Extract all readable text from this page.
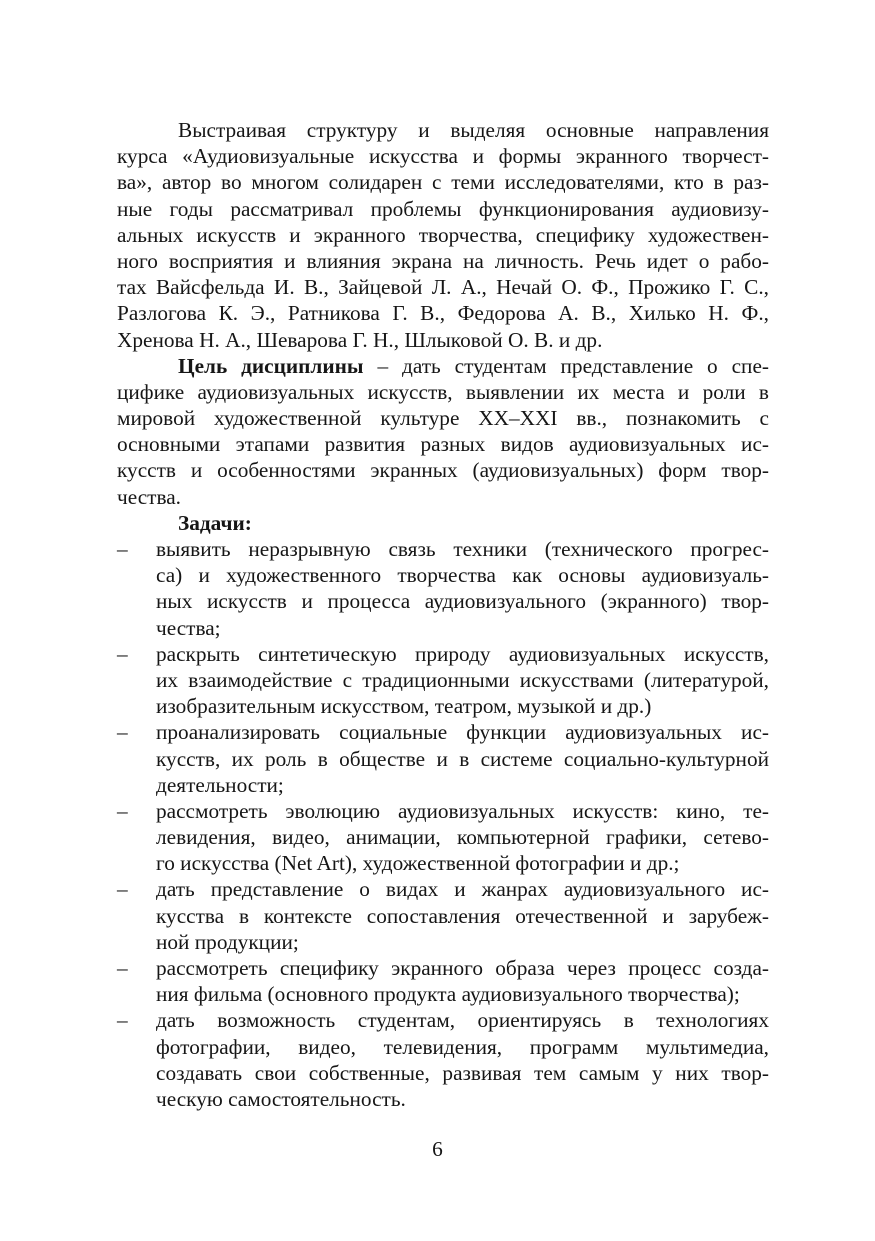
Выстраивая структуру и выделяя основные направления
курса «Аудиовизуальные искусства и формы экранного творчест-
ва», автор во многом солидарен с теми исследователями, кто в раз-
ные годы рассматривал проблемы функционирования аудиовизу-
альных искусств и экранного творчества, специфику художествен-
ного восприятия и влияния экрана на личность. Речь идет о рабо-
тах Вайсфельда И. В., Зайцевой Л. А., Нечай О. Ф., Прожико Г. С.,
Разлогова К. Э., Ратникова Г. В., Федорова А. В., Хилько Н. Ф.,
Хренова Н. А., Шеварова Г. Н., Шлыковой О. В. и др.
Цель дисциплины – дать студентам представление о спе-
цифике аудиовизуальных искусств, выявлении их места и роли в
мировой художественной культуре XX–XXI вв., познакомить с
основными этапами развития разных видов аудиовизуальных ис-
кусств и особенностями экранных (аудиовизуальных) форм твор-
чества.
Задачи:
–	выявить неразрывную связь техники (технического прогрес-
са) и художественного творчества как основы аудиовизуаль-
ных искусств и процесса аудиовизуального (экранного) твор-
чества;
–	раскрыть синтетическую природу аудиовизуальных искусств,
их взаимодействие с традиционными искусствами (литературой,
изобразительным искусством, театром, музыкой и др.)
–	проанализировать социальные функции аудиовизуальных ис-
кусств, их роль в обществе и в системе социально-культурной
деятельности;
–	рассмотреть эволюцию аудиовизуальных искусств: кино, те-
левидения, видео, анимации, компьютерной графики, сетево-
го искусства (Net Art), художественной фотографии и др.;
–	дать представление о видах и жанрах аудиовизуального ис-
кусства в контексте сопоставления отечественной и зарубеж-
ной продукции;
–	рассмотреть специфику экранного образа через процесс созда-
ния фильма (основного продукта аудиовизуального творчества);
–	дать возможность студентам, ориентируясь в технологиях
фотографии, видео, телевидения, программ мультимедиа,
создавать свои собственные, развивая тем самым у них твор-
ческую самостоятельность.
6
